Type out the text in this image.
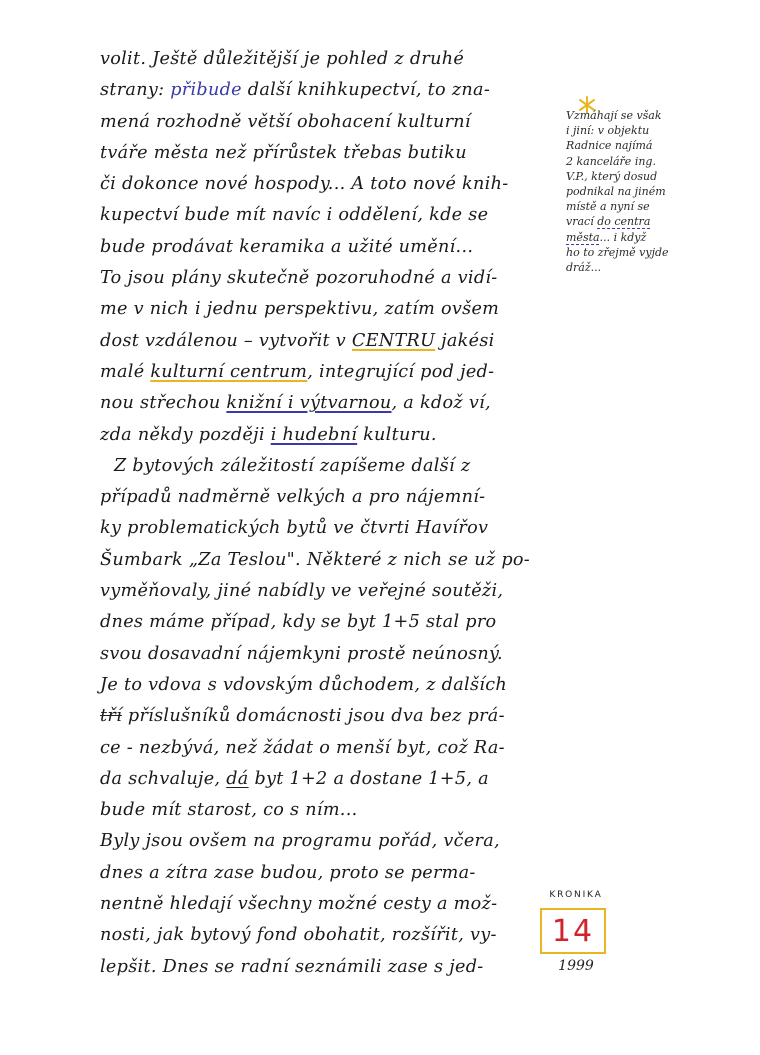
volit. Ještě důležitější je pohled z druhé
strany: přibude další knihkupectví, to zna-
mená rozhodně větší obohacení kulturní
tváře města než přírůstek třebas butiku
či dokonce nové hospody... A toto nové knih-
kupectví bude mít navíc i oddělení, kde se
bude prodávat keramika a užité umění...
To jsou plány skutečně pozoruhodné a vidí-
me v nich i jednu perspektivu, zatím ovšem
dost vzdálenou – vytvořit v CENTRU jakési
malé kulturní centrum, integrující pod jed-
nou střechou knižní i výtvarnou, a kdož ví,
zda někdy později i hudební kulturu.
Z bytových záležitostí zapíšeme další z
případů nadměrně velkých a pro nájemní-
ky problematických bytů ve čtvrti Havířov
Šumbark „Za Teslou". Některé z nich se už po-
vyměňovaly, jiné nabídly ve veřejné soutěži,
dnes máme případ, kdy se byt 1+5 stal pro
svou dosavadní nájemkyni prostě neúnosný.
Je to vdova s vdovským důchodem, z dalších
tří příslušníků domácnosti jsou dva bez prá-
ce - nezbývá, než žádat o menší byt, což Ra-
da schvaluje, dá byt 1+2 a dostane 1+5, a
bude mít starost, co s ním...
Byly jsou ovšem na programu pořád, včera,
dnes a zítra zase budou, proto se perma-
nentně hledají všechny možné cesty a mož-
nosti, jak bytový fond obohatit, rozšířit, vy-
lepšit. Dnes se radní seznámili zase s jed-
Vzmáhají se však
i jiní: v objektu
Radnice najímá
2 kanceláře ing.
V.P., který dosud
podnikal na jiném
místě a nyní se
vrací do centra
města... i když
ho to zřejmě vyjde
dráž...
KRONIKA
14
1999
